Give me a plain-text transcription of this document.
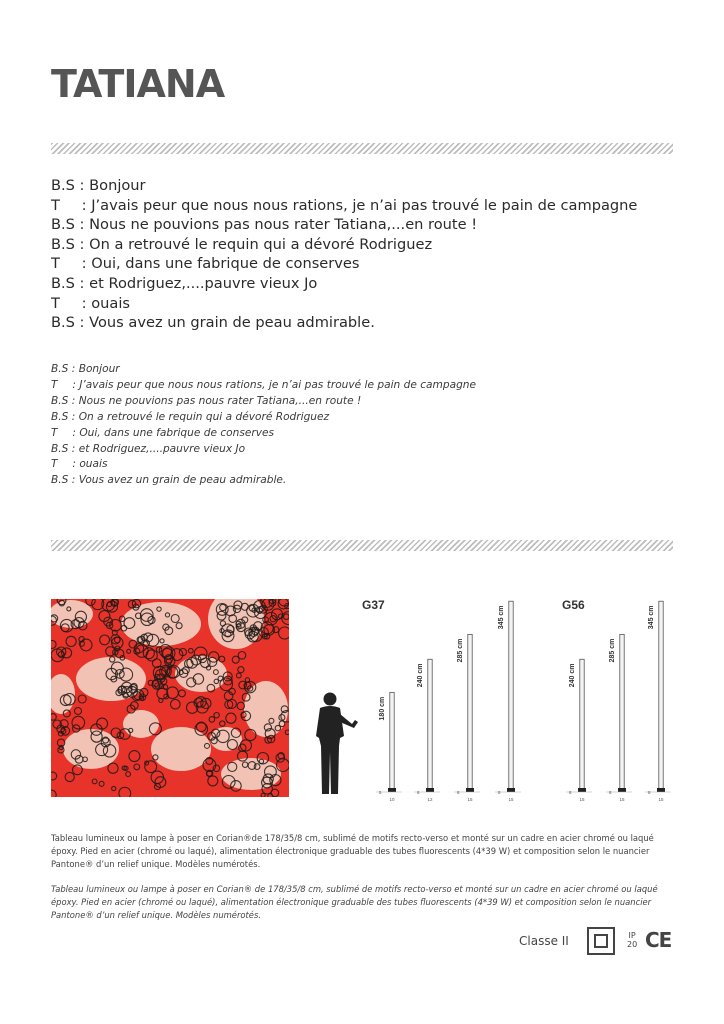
TATIANA
B.S : Bonjour
T : J’avais peur que nous nous rations, je n’ai pas trouvé le pain de campagne
B.S : Nous ne pouvions pas nous rater Tatiana,...en route !
B.S : On a retrouvé le requin qui a dévoré Rodriguez
T : Oui, dans une fabrique de conserves
B.S : et Rodriguez,....pauvre vieux Jo
T : ouais
B.S : Vous avez un grain de peau admirable.
B.S : Bonjour
T : J’avais peur que nous nous rations, je n’ai pas trouvé le pain de campagne
B.S : Nous ne pouvions pas nous rater Tatiana,...en route !
B.S : On a retrouvé le requin qui a dévoré Rodriguez
T : Oui, dans une fabrique de conserves
B.S : et Rodriguez,....pauvre vieux Jo
T : ouais
B.S : Vous avez un grain de peau admirable.
G37
180 cm
5
10
240 cm
6
12
285 cm
8
15
345 cm
8
15
G56
240 cm
8
15
285 cm
8
15
345 cm
8
15
Tableau lumineux ou lampe à poser en Corian®de 178/35/8 cm, sublimé de motifs recto-verso et monté sur un cadre en acier chromé ou laqué époxy. Pied en acier (chromé ou laqué), alimentation électronique graduable des tubes fluorescents (4*39 W) et composition selon le nuancier Pantone® d’un relief unique. Modèles numérotés.
Tableau lumineux ou lampe à poser en Corian® de 178/35/8 cm, sublimé de motifs recto-verso et monté sur un cadre en acier chromé ou laqué époxy. Pied en acier (chromé ou laqué), alimentation électronique graduable des tubes fluorescents (4*39 W) et composition selon le nuancier Pantone® d’un relief unique. Modèles numérotés.
Classe II	IP
20 CE
